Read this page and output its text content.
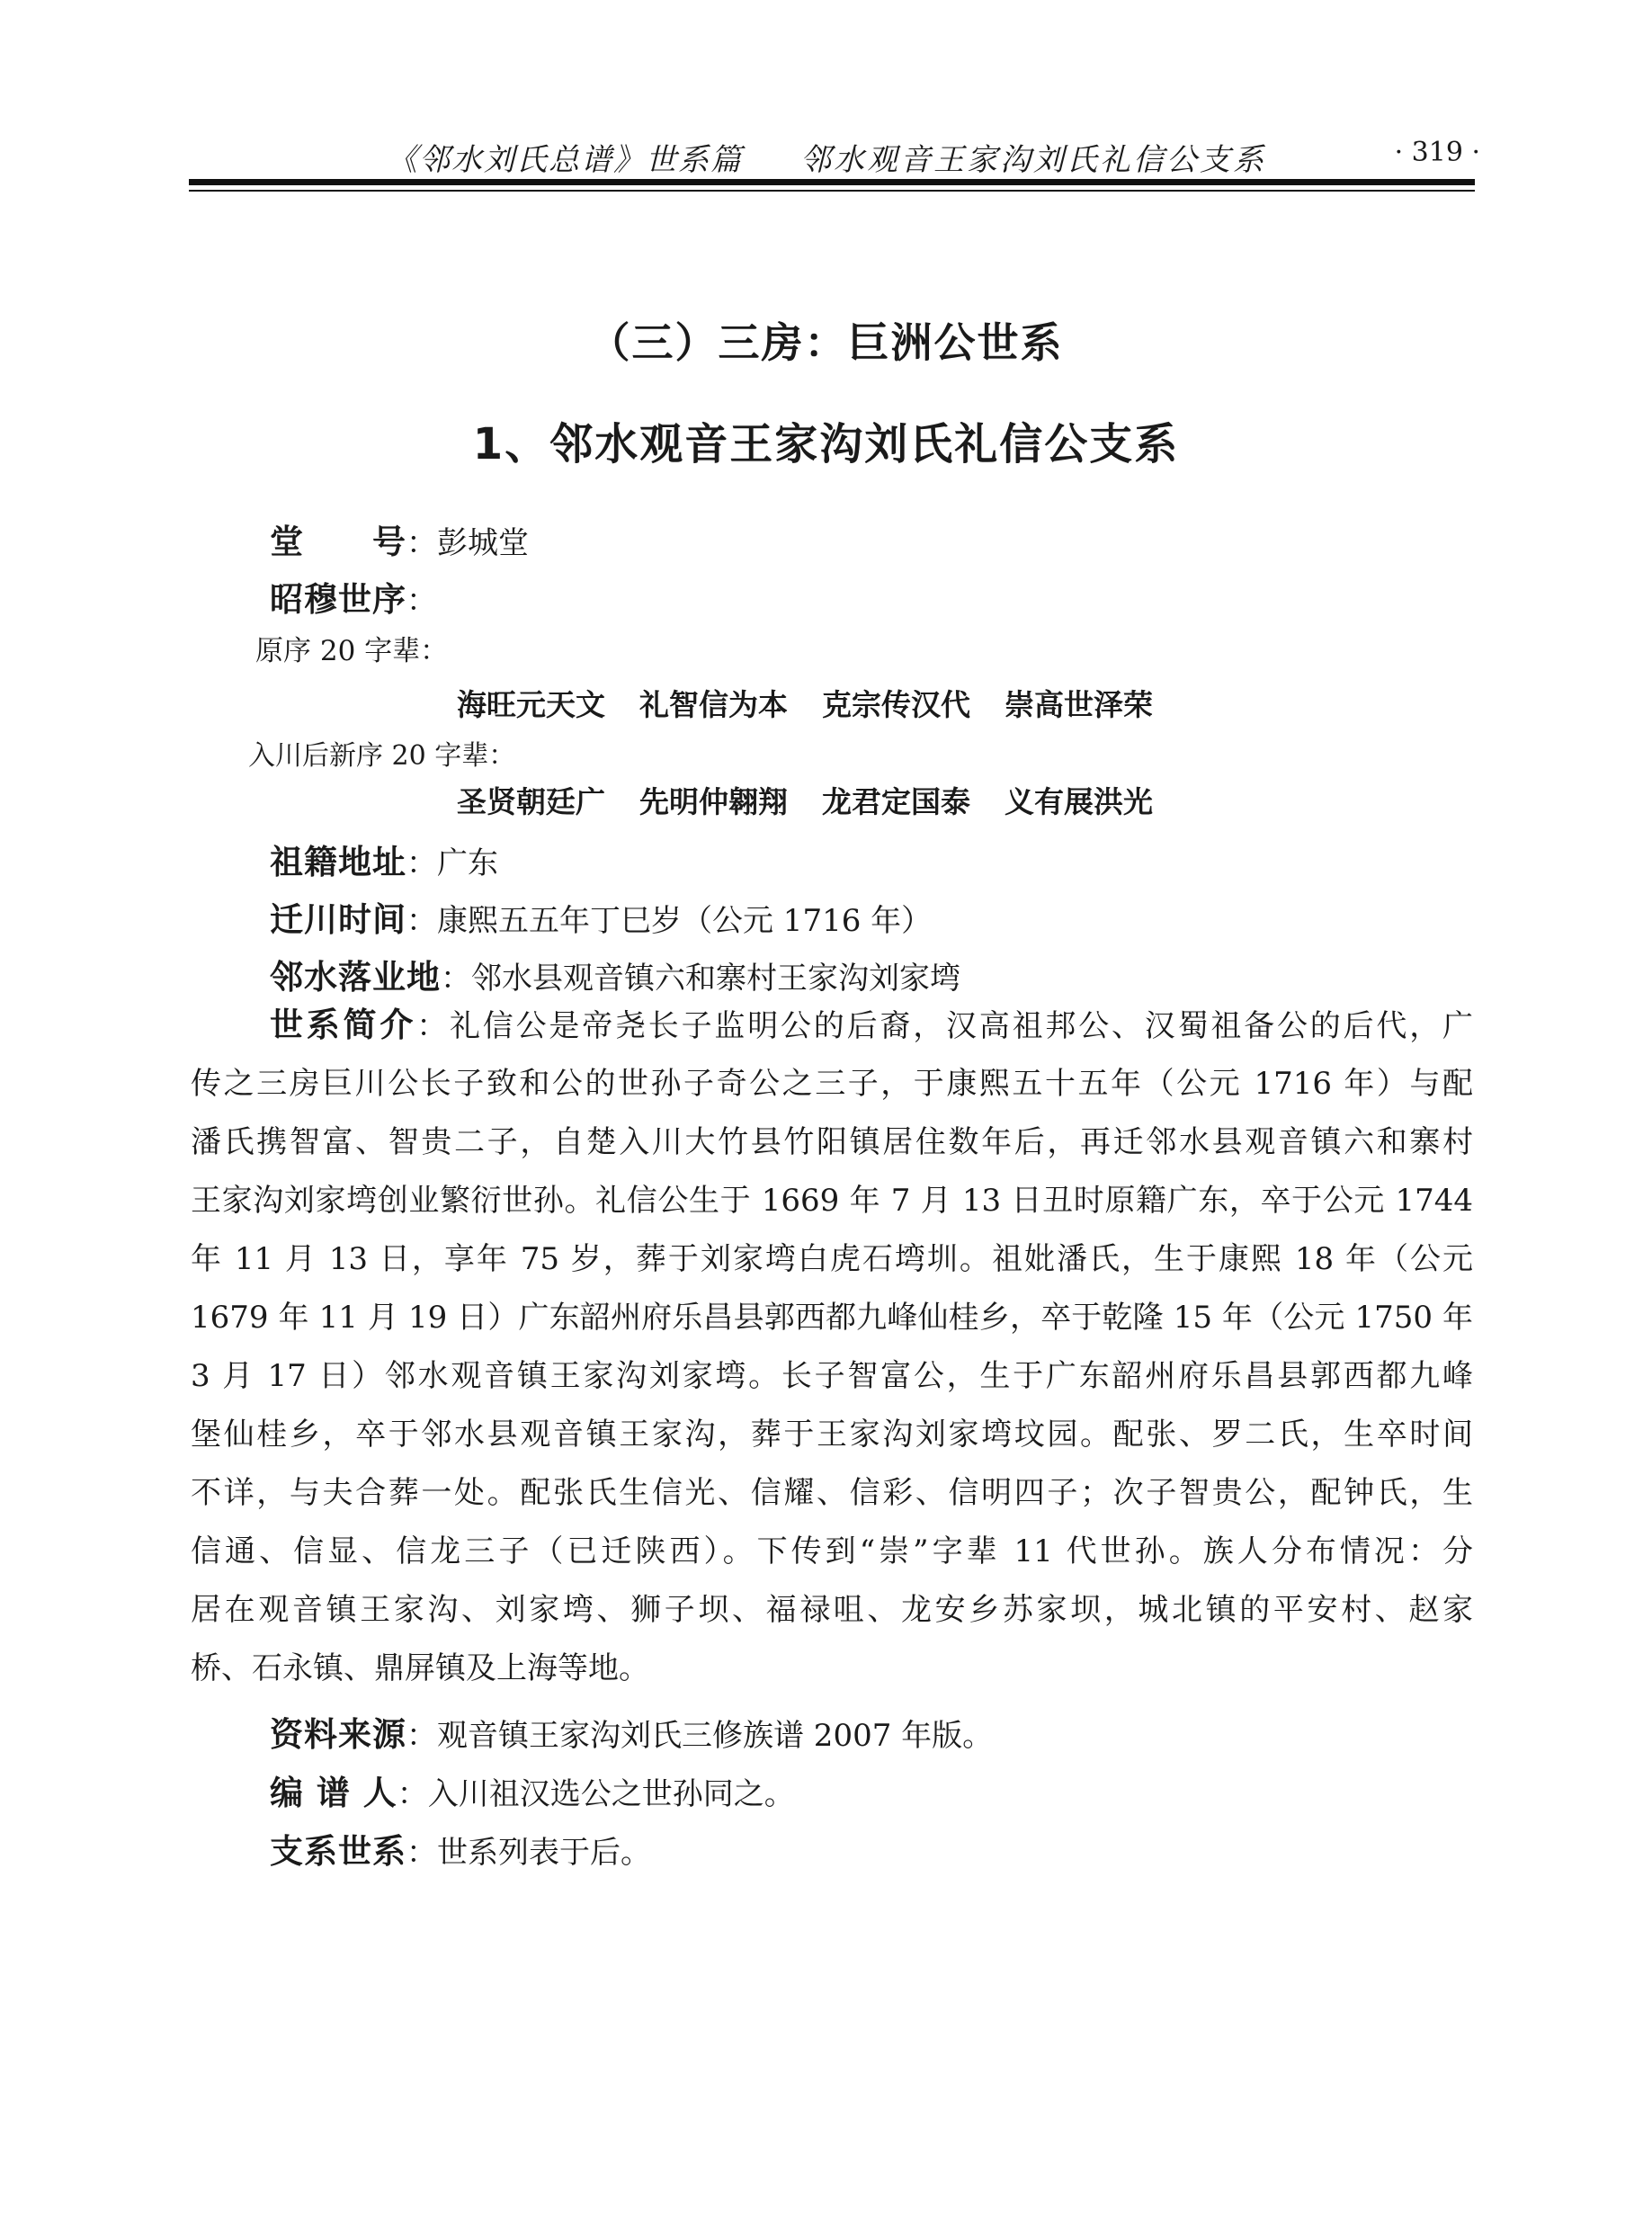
《邻水刘氏总谱》世系篇 邻水观音王家沟刘氏礼信公支系	· 319 ·
（三）三房：巨洲公世系
1、邻水观音王家沟刘氏礼信公支系
堂　　号：彭城堂
昭穆世序：
原序 20 字辈：
海旺元天文 礼智信为本 克宗传汉代 崇高世泽荣
入川后新序 20 字辈：
圣贤朝廷广 先明仲翱翔 龙君定国泰 义有展洪光
祖籍地址：广东
迁川时间：康熙五五年丁巳岁（公元 1716 年）
邻水落业地：邻水县观音镇六和寨村王家沟刘家塆
世系简介：礼信公是帝尧长子监明公的后裔，汉高祖邦公、汉蜀祖备公的后代，广
传之三房巨川公长子致和公的世孙子奇公之三子，于康熙五十五年（公元 1716 年）与配
潘氏携智富、智贵二子，自楚入川大竹县竹阳镇居住数年后，再迁邻水县观音镇六和寨村
王家沟刘家塆创业繁衍世孙。礼信公生于 1669 年 7 月 13 日丑时原籍广东，卒于公元 1744
年 11 月 13 日，享年 75 岁，葬于刘家塆白虎石塆圳。祖妣潘氏，生于康熙 18 年（公元
1679 年 11 月 19 日）广东韶州府乐昌县郭西都九峰仙桂乡，卒于乾隆 15 年（公元 1750 年
3 月 17 日）邻水观音镇王家沟刘家塆。长子智富公，生于广东韶州府乐昌县郭西都九峰
堡仙桂乡，卒于邻水县观音镇王家沟，葬于王家沟刘家塆坟园。配张、罗二氏，生卒时间
不详，与夫合葬一处。配张氏生信光、信耀、信彩、信明四子；次子智贵公，配钟氏，生
信通、信显、信龙三子（已迁陕西）。下传到“崇”字辈 11 代世孙。族人分布情况：分
居在观音镇王家沟、刘家塆、狮子坝、福禄咀、龙安乡苏家坝，城北镇的平安村、赵家
桥、石永镇、鼎屏镇及上海等地。
资料来源：观音镇王家沟刘氏三修族谱 2007 年版。
编 谱 人：入川祖汉选公之世孙同之。
支系世系：世系列表于后。
